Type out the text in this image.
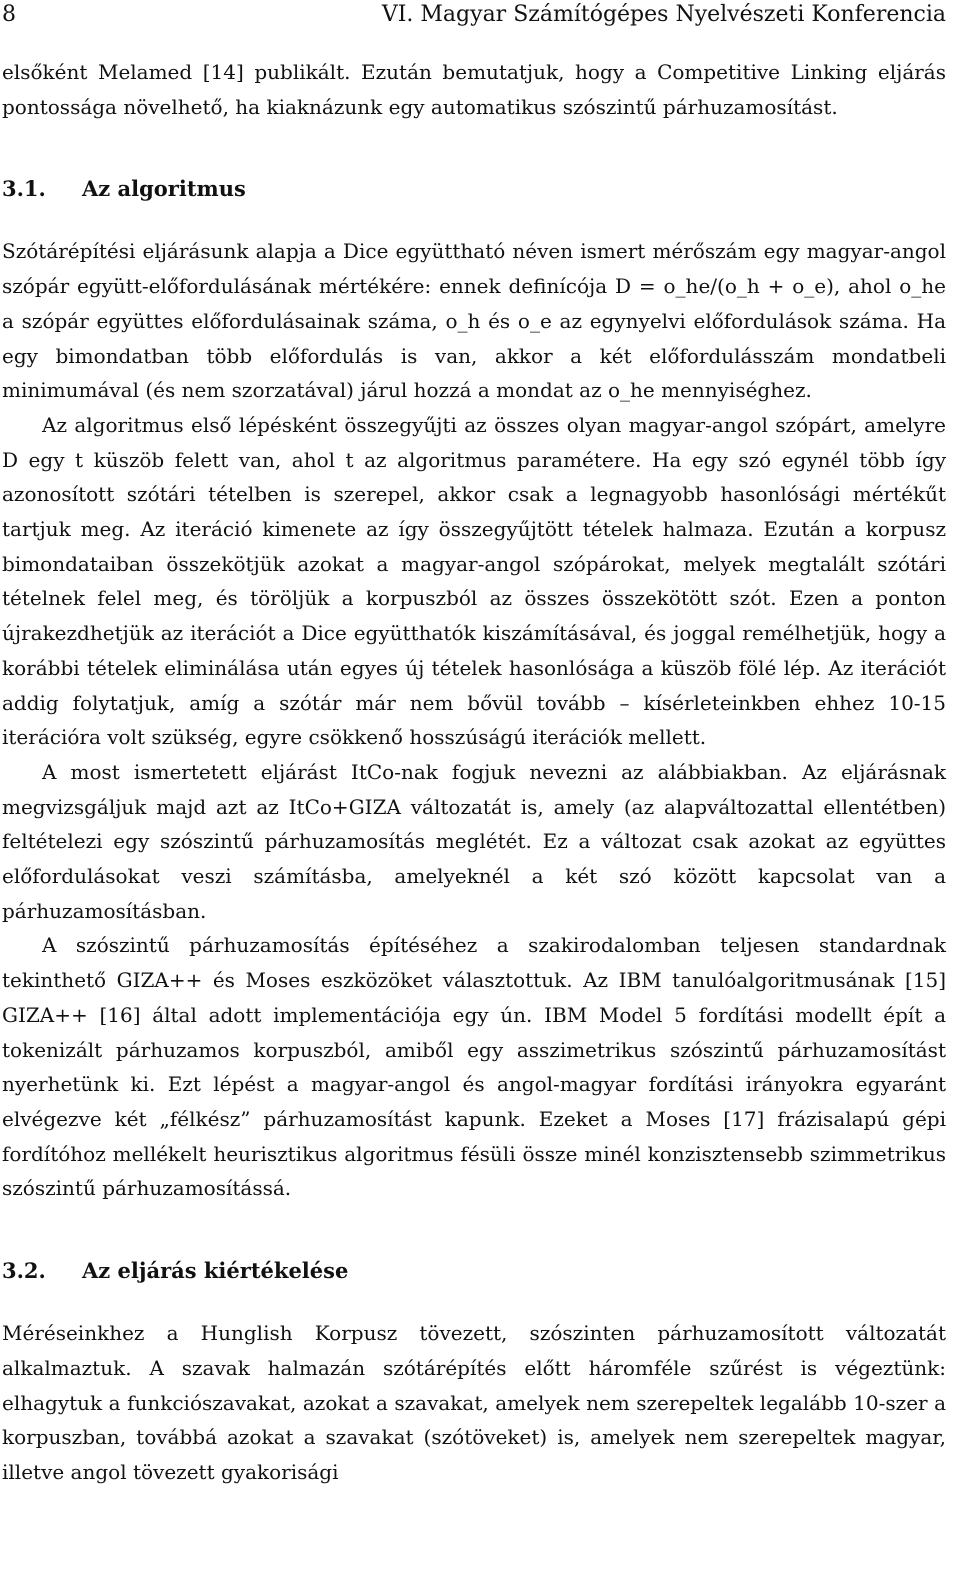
8	VI. Magyar Számítógépes Nyelvészeti Konferencia

elsőként Melamed [14] publikált. Ezután bemutatjuk, hogy a Competitive Linking eljárás pontossága növelhető, ha kiaknázunk egy automatikus szószintű párhuzamosítást.

3.1. Az algoritmus

Szótárépítési eljárásunk alapja a Dice együttható néven ismert mérőszám egy magyar-angol szópár együtt-előfordulásának mértékére: ennek definícója D = o_he/(o_h + o_e), ahol o_he a szópár együttes előfordulásainak száma, o_h és o_e az egynyelvi előfordulások száma. Ha egy bimondatban több előfordulás is van, akkor a két előfordulásszám mondatbeli minimumával (és nem szorzatával) járul hozzá a mondat az o_he mennyiséghez.

Az algoritmus első lépésként összegyűjti az összes olyan magyar-angol szópárt, amelyre D egy t küszöb felett van, ahol t az algoritmus paramétere. Ha egy szó egynél több így azonosított szótári tételben is szerepel, akkor csak a legnagyobb hasonlósági mértékűt tartjuk meg. Az iteráció kimenete az így összegyűjtött tételek halmaza. Ezután a korpusz bimondataiban összekötjük azokat a magyar-angol szópárokat, melyek megtalált szótári tételnek felel meg, és töröljük a korpuszból az összes összekötött szót. Ezen a ponton újrakezdhetjük az iterációt a Dice együtthatók kiszámításával, és joggal remélhetjük, hogy a korábbi tételek eliminálása után egyes új tételek hasonlósága a küszöb fölé lép. Az iterációt addig folytatjuk, amíg a szótár már nem bővül tovább – kísérleteinkben ehhez 10-15 iterációra volt szükség, egyre csökkenő hosszúságú iterációk mellett.

A most ismertetett eljárást ItCo-nak fogjuk nevezni az alábbiakban. Az eljárásnak megvizsgáljuk majd azt az ItCo+GIZA változatát is, amely (az alapváltozattal ellentétben) feltételezi egy szószintű párhuzamosítás meglétét. Ez a változat csak azokat az együttes előfordulásokat veszi számításba, amelyeknél a két szó között kapcsolat van a párhuzamosításban.

A szószintű párhuzamosítás építéséhez a szakirodalomban teljesen standardnak tekinthető GIZA++ és Moses eszközöket választottuk. Az IBM tanulóalgoritmusának [15] GIZA++ [16] által adott implementációja egy ún. IBM Model 5 fordítási modellt épít a tokenizált párhuzamos korpuszból, amiből egy asszimetrikus szószintű párhuzamosítást nyerhetünk ki. Ezt lépést a magyar-angol és angol-magyar fordítási irányokra egyaránt elvégezve két „félkész” párhuzamosítást kapunk. Ezeket a Moses [17] frázisalapú gépi fordítóhoz mellékelt heurisztikus algoritmus fésüli össze minél konzisztensebb szimmetrikus szószintű párhuzamosítássá.

3.2. Az eljárás kiértékelése

Méréseinkhez a Hunglish Korpusz tövezett, szószinten párhuzamosított változatát alkalmaztuk. A szavak halmazán szótárépítés előtt háromféle szűrést is végeztünk: elhagytuk a funkciószavakat, azokat a szavakat, amelyek nem szerepeltek legalább 10-szer a korpuszban, továbbá azokat a szavakat (szótöveket) is, amelyek nem szerepeltek magyar, illetve angol tövezett gyakorisági
